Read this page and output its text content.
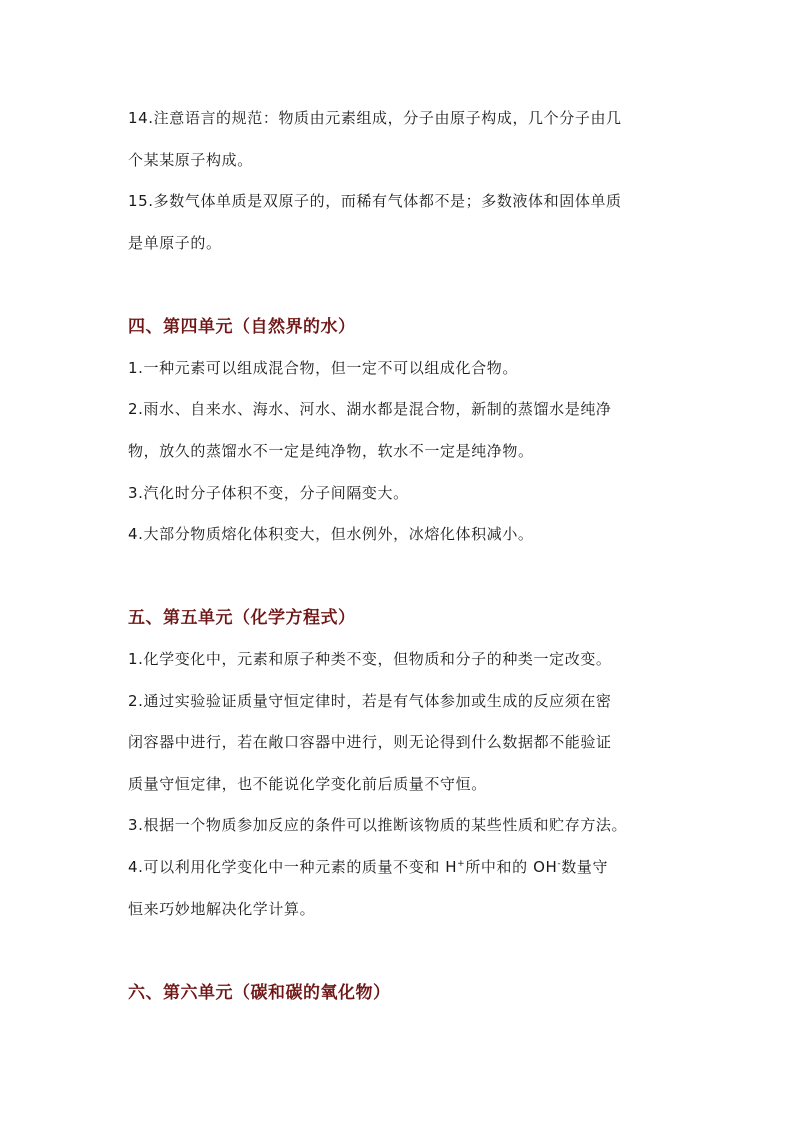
14.注意语言的规范：物质由元素组成，分子由原子构成，几个分子由几
个某某原子构成。
15.多数气体单质是双原子的，而稀有气体都不是；多数液体和固体单质
是单原子的。
四、第四单元（自然界的水）
1.一种元素可以组成混合物，但一定不可以组成化合物。
2.雨水、自来水、海水、河水、湖水都是混合物，新制的蒸馏水是纯净
物，放久的蒸馏水不一定是纯净物，软水不一定是纯净物。
3.汽化时分子体积不变，分子间隔变大。
4.大部分物质熔化体积变大，但水例外，冰熔化体积减小。
五、第五单元（化学方程式）
1.化学变化中，元素和原子种类不变，但物质和分子的种类一定改变。
2.通过实验验证质量守恒定律时，若是有气体参加或生成的反应须在密
闭容器中进行，若在敞口容器中进行，则无论得到什么数据都不能验证
质量守恒定律，也不能说化学变化前后质量不守恒。
3.根据一个物质参加反应的条件可以推断该物质的某些性质和贮存方法。
4.可以利用化学变化中一种元素的质量不变和 H+所中和的 OH-数量守
恒来巧妙地解决化学计算。
六、第六单元（碳和碳的氧化物）
